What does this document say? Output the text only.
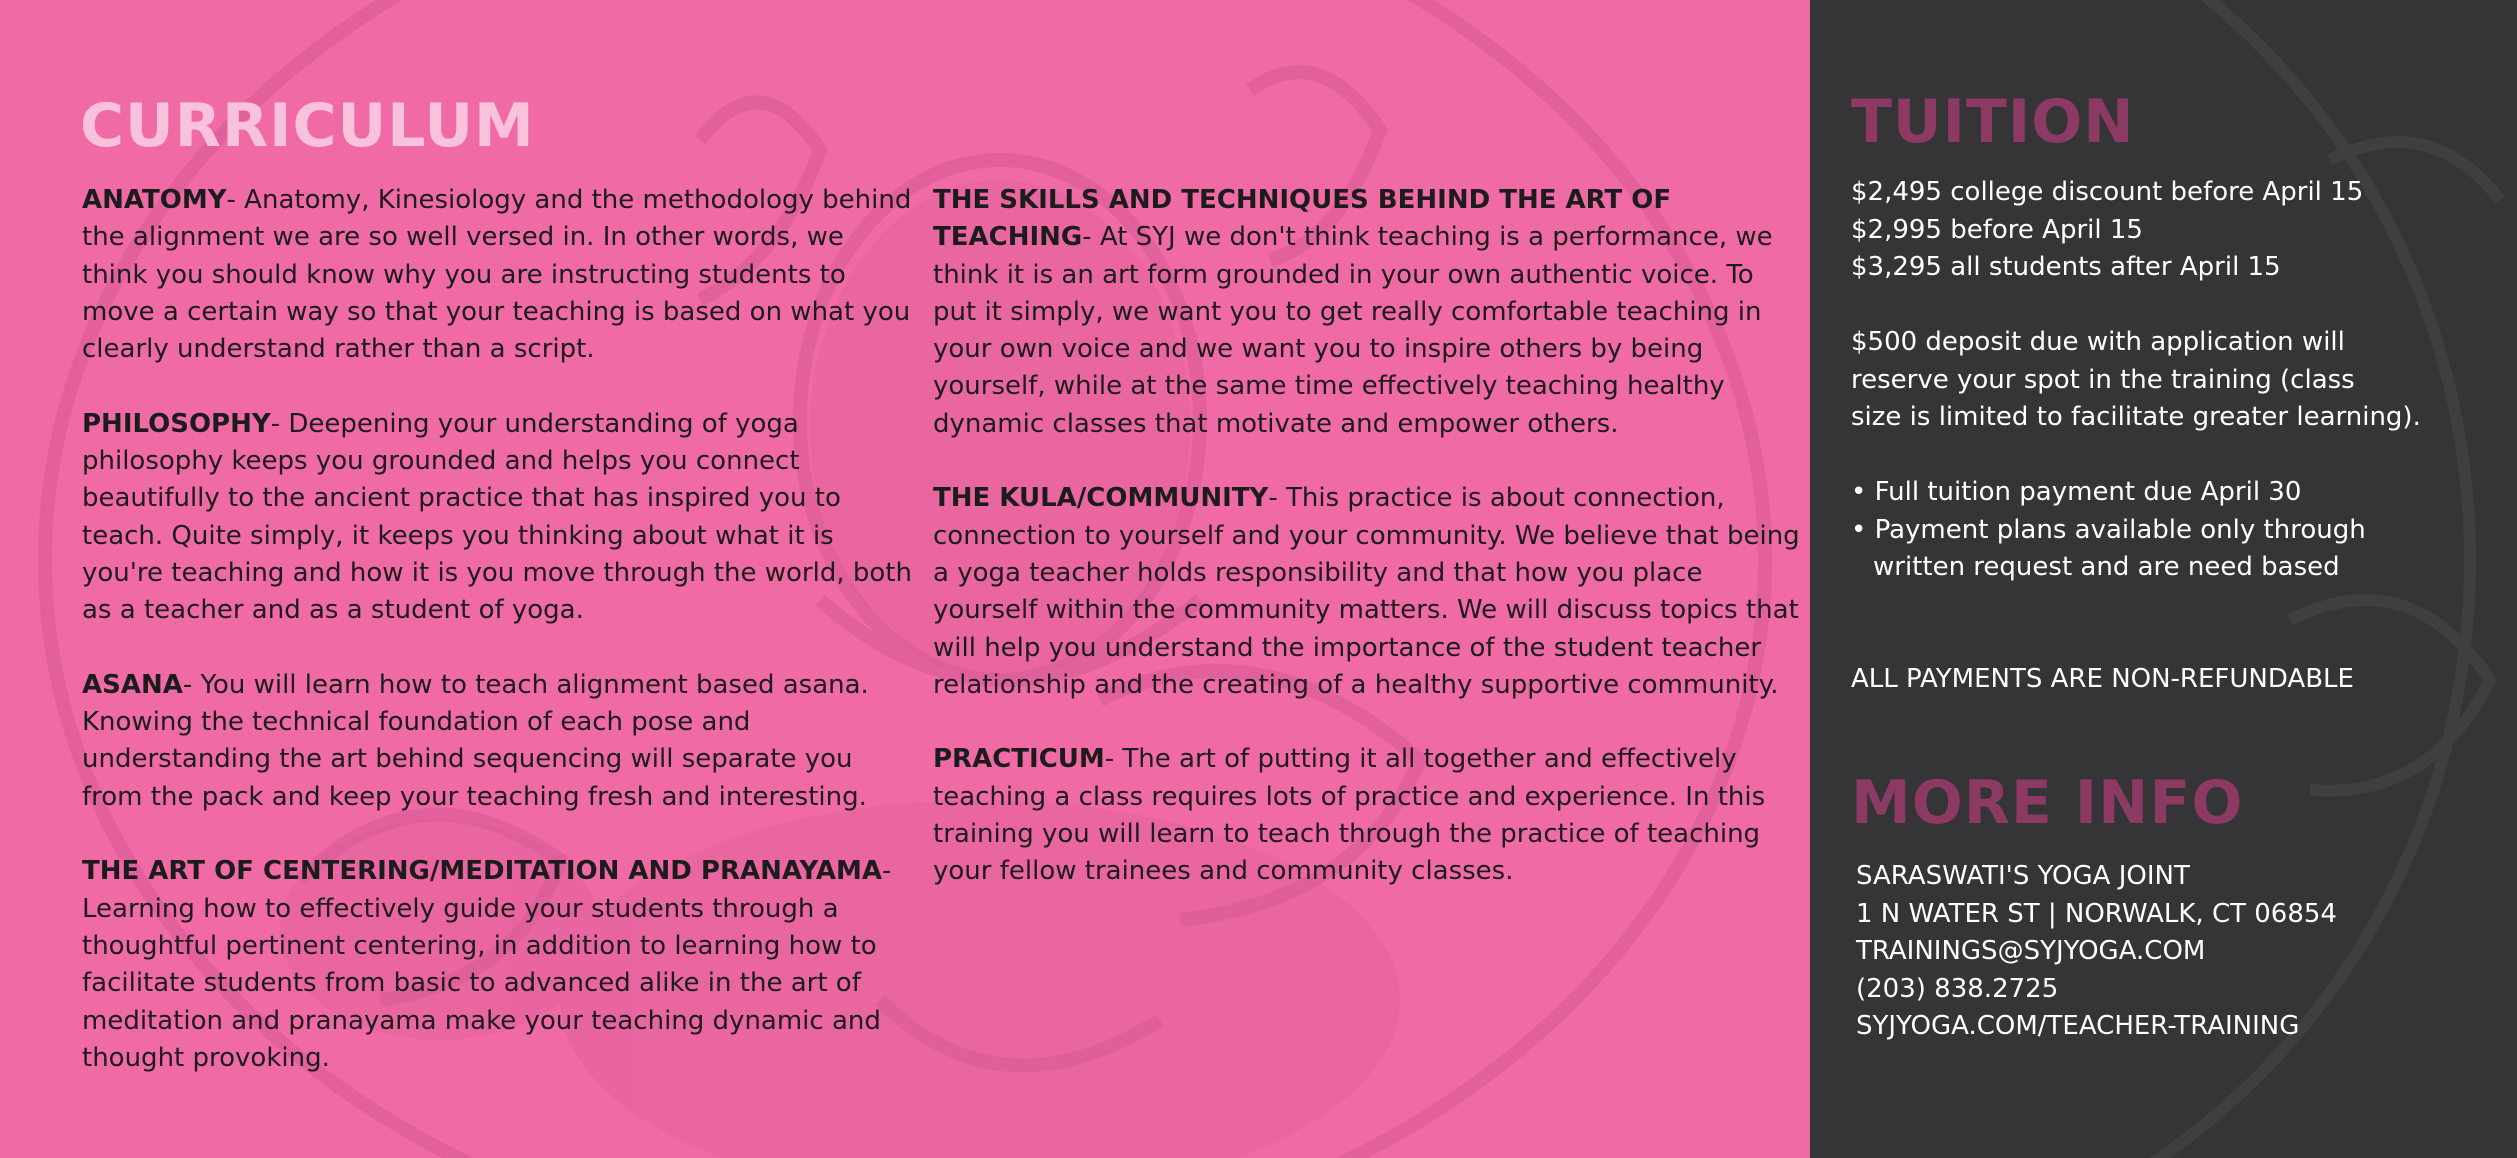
CURRICULUM

ANATOMY- Anatomy, Kinesiology and the methodology behind the alignment we are so well versed in. In other words, we think you should know why you are instructing students to move a certain way so that your teaching is based on what you clearly understand rather than a script.

PHILOSOPHY- Deepening your understanding of yoga philosophy keeps you grounded and helps you connect beautifully to the ancient practice that has inspired you to teach. Quite simply, it keeps you thinking about what it is you're teaching and how it is you move through the world, both as a teacher and as a student of yoga.

ASANA- You will learn how to teach alignment based asana. Knowing the technical foundation of each pose and understanding the art behind sequencing will separate you from the pack and keep your teaching fresh and interesting.

THE ART OF CENTERING/MEDITATION AND PRANAYAMA- Learning how to effectively guide your students through a thoughtful pertinent centering, in addition to learning how to facilitate students from basic to advanced alike in the art of meditation and pranayama make your teaching dynamic and thought provoking.

THE SKILLS AND TECHNIQUES BEHIND THE ART OF TEACHING- At SYJ we don't think teaching is a performance, we think it is an art form grounded in your own authentic voice. To put it simply, we want you to get really comfortable teaching in your own voice and we want you to inspire others by being yourself, while at the same time effectively teaching healthy dynamic classes that motivate and empower others.

THE KULA/COMMUNITY- This practice is about connection, connection to yourself and your community. We believe that being a yoga teacher holds responsibility and that how you place yourself within the community matters. We will discuss topics that will help you understand the importance of the student teacher relationship and the creating of a healthy supportive community.

PRACTICUM- The art of putting it all together and effectively teaching a class requires lots of practice and experience. In this training you will learn to teach through the practice of teaching your fellow trainees and community classes.

TUITION
$2,495 college discount before April 15
$2,995 before April 15
$3,295 all students after April 15
$500 deposit due with application will
reserve your spot in the training (class
size is limited to facilitate greater learning).
• Full tuition payment due April 30
• Payment plans available only through
written request and are need based
ALL PAYMENTS ARE NON-REFUNDABLE
MORE INFO
SARASWATI'S YOGA JOINT
1 N WATER ST | NORWALK, CT 06854
TRAININGS@SYJYOGA.COM
(203) 838.2725
SYJYOGA.COM/TEACHER-TRAINING
